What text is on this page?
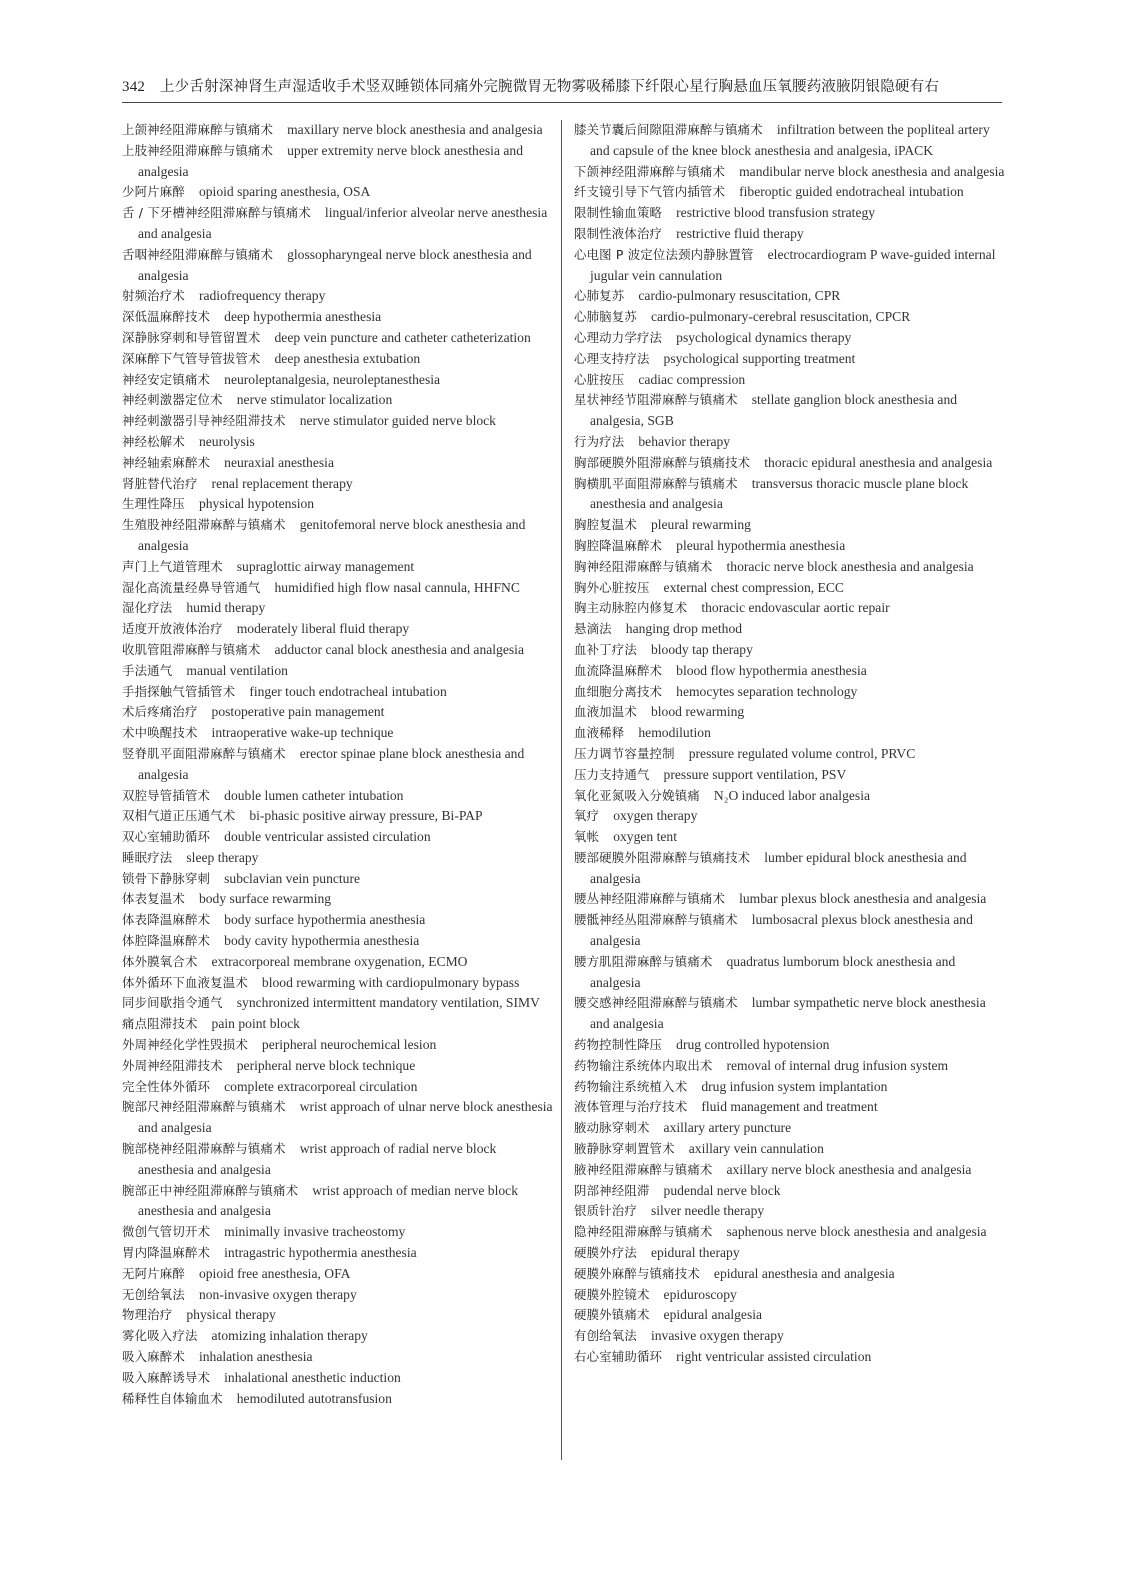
342 上少舌射深神肾生声湿适收手术竖双睡锁体同痛外完腕微胃无物雾吸稀膝下纤限心星行胸悬血压氧腰药液腋阴银隐硬有右
上颌神经阻滞麻醉与镇痛术 maxillary nerve block anesthesia and analgesia
上肢神经阻滞麻醉与镇痛术 upper extremity nerve block anesthesia and analgesia
少阿片麻醉 opioid sparing anesthesia, OSA
舌 / 下牙槽神经阻滞麻醉与镇痛术 lingual/inferior alveolar nerve anesthesia and analgesia
舌咽神经阻滞麻醉与镇痛术 glossopharyngeal nerve block anesthesia and analgesia
射频治疗术 radiofrequency therapy
深低温麻醉技术 deep hypothermia anesthesia
深静脉穿刺和导管留置术 deep vein puncture and catheter catheterization
深麻醉下气管导管拔管术 deep anesthesia extubation
神经安定镇痛术 neuroleptanalgesia, neuroleptanesthesia
神经刺激器定位术 nerve stimulator localization
神经刺激器引导神经阻滞技术 nerve stimulator guided nerve block
神经松解术 neurolysis
神经轴索麻醉术 neuraxial anesthesia
肾脏替代治疗 renal replacement therapy
生理性降压 physical hypotension
生殖股神经阻滞麻醉与镇痛术 genitofemoral nerve block anesthesia and analgesia
声门上气道管理术 supraglottic airway management
湿化高流量经鼻导管通气 humidified high flow nasal cannula, HHFNC
湿化疗法 humid therapy
适度开放液体治疗 moderately liberal fluid therapy
收肌管阻滞麻醉与镇痛术 adductor canal block anesthesia and analgesia
手法通气 manual ventilation
手指探触气管插管术 finger touch endotracheal intubation
术后疼痛治疗 postoperative pain management
术中唤醒技术 intraoperative wake-up technique
竖脊肌平面阻滞麻醉与镇痛术 erector spinae plane block anesthesia and analgesia
双腔导管插管术 double lumen catheter intubation
双相气道正压通气术 bi-phasic positive airway pressure, Bi-PAP
双心室辅助循环 double ventricular assisted circulation
睡眠疗法 sleep therapy
锁骨下静脉穿刺 subclavian vein puncture
体表复温术 body surface rewarming
体表降温麻醉术 body surface hypothermia anesthesia
体腔降温麻醉术 body cavity hypothermia anesthesia
体外膜氧合术 extracorporeal membrane oxygenation, ECMO
体外循环下血液复温术 blood rewarming with cardiopulmonary bypass
同步间歇指令通气 synchronized intermittent mandatory ventilation, SIMV
痛点阻滞技术 pain point block
外周神经化学性毁损术 peripheral neurochemical lesion
外周神经阻滞技术 peripheral nerve block technique
完全性体外循环 complete extracorporeal circulation
腕部尺神经阻滞麻醉与镇痛术 wrist approach of ulnar nerve block anesthesia and analgesia
腕部桡神经阻滞麻醉与镇痛术 wrist approach of radial nerve block anesthesia and analgesia
腕部正中神经阻滞麻醉与镇痛术 wrist approach of median nerve block anesthesia and analgesia
微创气管切开术 minimally invasive tracheostomy
胃内降温麻醉术 intragastric hypothermia anesthesia
无阿片麻醉 opioid free anesthesia, OFA
无创给氧法 non-invasive oxygen therapy
物理治疗 physical therapy
雾化吸入疗法 atomizing inhalation therapy
吸入麻醉术 inhalation anesthesia
吸入麻醉诱导术 inhalational anesthetic induction
稀释性自体输血术 hemodiluted autotransfusion
膝关节囊后间隙阻滞麻醉与镇痛术 infiltration between the popliteal artery and capsule of the knee block anesthesia and analgesia, iPACK
下颌神经阻滞麻醉与镇痛术 mandibular nerve block anesthesia and analgesia
纤支镜引导下气管内插管术 fiberoptic guided endotracheal intubation
限制性输血策略 restrictive blood transfusion strategy
限制性液体治疗 restrictive fluid therapy
心电图 P 波定位法颈内静脉置管 electrocardiogram P wave-guided internal jugular vein cannulation
心肺复苏 cardio-pulmonary resuscitation, CPR
心肺脑复苏 cardio-pulmonary-cerebral resuscitation, CPCR
心理动力学疗法 psychological dynamics therapy
心理支持疗法 psychological supporting treatment
心脏按压 cadiac compression
星状神经节阻滞麻醉与镇痛术 stellate ganglion block anesthesia and analgesia, SGB
行为疗法 behavior therapy
胸部硬膜外阻滞麻醉与镇痛技术 thoracic epidural anesthesia and analgesia
胸横肌平面阻滞麻醉与镇痛术 transversus thoracic muscle plane block anesthesia and analgesia
胸腔复温术 pleural rewarming
胸腔降温麻醉术 pleural hypothermia anesthesia
胸神经阻滞麻醉与镇痛术 thoracic nerve block anesthesia and analgesia
胸外心脏按压 external chest compression, ECC
胸主动脉腔内修复术 thoracic endovascular aortic repair
悬滴法 hanging drop method
血补丁疗法 bloody tap therapy
血流降温麻醉术 blood flow hypothermia anesthesia
血细胞分离技术 hemocytes separation technology
血液加温术 blood rewarming
血液稀释 hemodilution
压力调节容量控制 pressure regulated volume control, PRVC
压力支持通气 pressure support ventilation, PSV
氧化亚氮吸入分娩镇痛 N₂O induced labor analgesia
氧疗 oxygen therapy
氧帐 oxygen tent
腰部硬膜外阻滞麻醉与镇痛技术 lumber epidural block anesthesia and analgesia
腰丛神经阻滞麻醉与镇痛术 lumbar plexus block anesthesia and analgesia
腰骶神经丛阻滞麻醉与镇痛术 lumbosacral plexus block anesthesia and analgesia
腰方肌阻滞麻醉与镇痛术 quadratus lumborum block anesthesia and analgesia
腰交感神经阻滞麻醉与镇痛术 lumbar sympathetic nerve block anesthesia and analgesia
药物控制性降压 drug controlled hypotension
药物输注系统体内取出术 removal of internal drug infusion system
药物输注系统植入术 drug infusion system implantation
液体管理与治疗技术 fluid management and treatment
腋动脉穿刺术 axillary artery puncture
腋静脉穿刺置管术 axillary vein cannulation
腋神经阻滞麻醉与镇痛术 axillary nerve block anesthesia and analgesia
阴部神经阻滞 pudendal nerve block
银质针治疗 silver needle therapy
隐神经阻滞麻醉与镇痛术 saphenous nerve block anesthesia and analgesia
硬膜外疗法 epidural therapy
硬膜外麻醉与镇痛技术 epidural anesthesia and analgesia
硬膜外腔镜术 epiduroscopy
硬膜外镇痛术 epidural analgesia
有创给氧法 invasive oxygen therapy
右心室辅助循环 right ventricular assisted circulation
